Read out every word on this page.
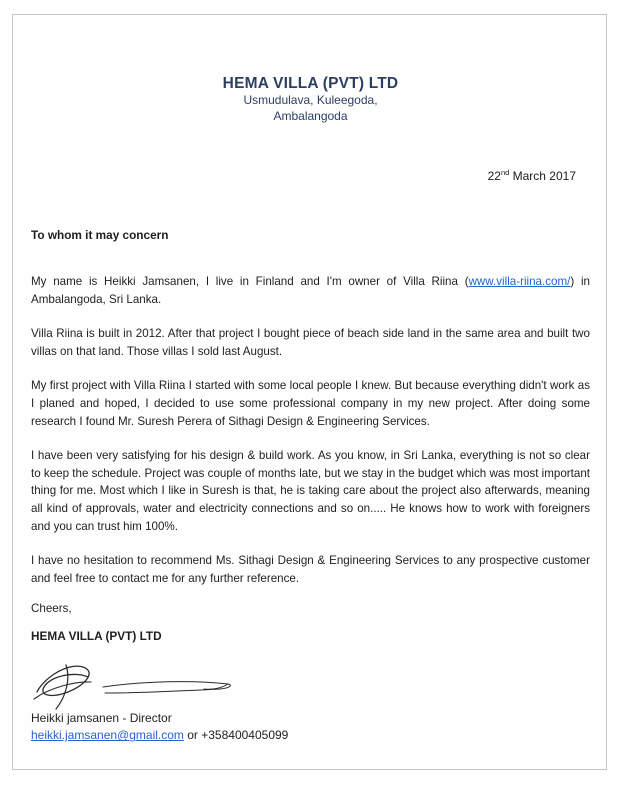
HEMA VILLA (PVT) LTD
Usmudulava, Kuleegoda,
Ambalangoda
22nd March 2017
To whom it may concern

My name is Heikki Jamsanen, I live in Finland and I'm owner of Villa Riina (www.villa-riina.com/) in Ambalangoda, Sri Lanka.

Villa Riina is built in 2012. After that project I bought piece of beach side land in the same area and built two villas on that land. Those villas I sold last August.

My first project with Villa Riina I started with some local people I knew. But because everything didn't work as I planed and hoped, I decided to use some professional company in my new project. After doing some research I found Mr. Suresh Perera of Sithagi Design & Engineering Services.

I have been very satisfying for his design & build work. As you know, in Sri Lanka, everything is not so clear to keep the schedule. Project was couple of months late, but we stay in the budget which was most important thing for me. Most which I like in Suresh is that, he is taking care about the project also afterwards, meaning all kind of approvals, water and electricity connections and so on..... He knows how to work with foreigners and you can trust him 100%.

I have no hesitation to recommend Ms. Sithagi Design & Engineering Services to any prospective customer and feel free to contact me for any further reference.

Cheers,
HEMA VILLA (PVT) LTD
Heikki jamsanen - Director
heikki.jamsanen@gmail.com or +358400405099
